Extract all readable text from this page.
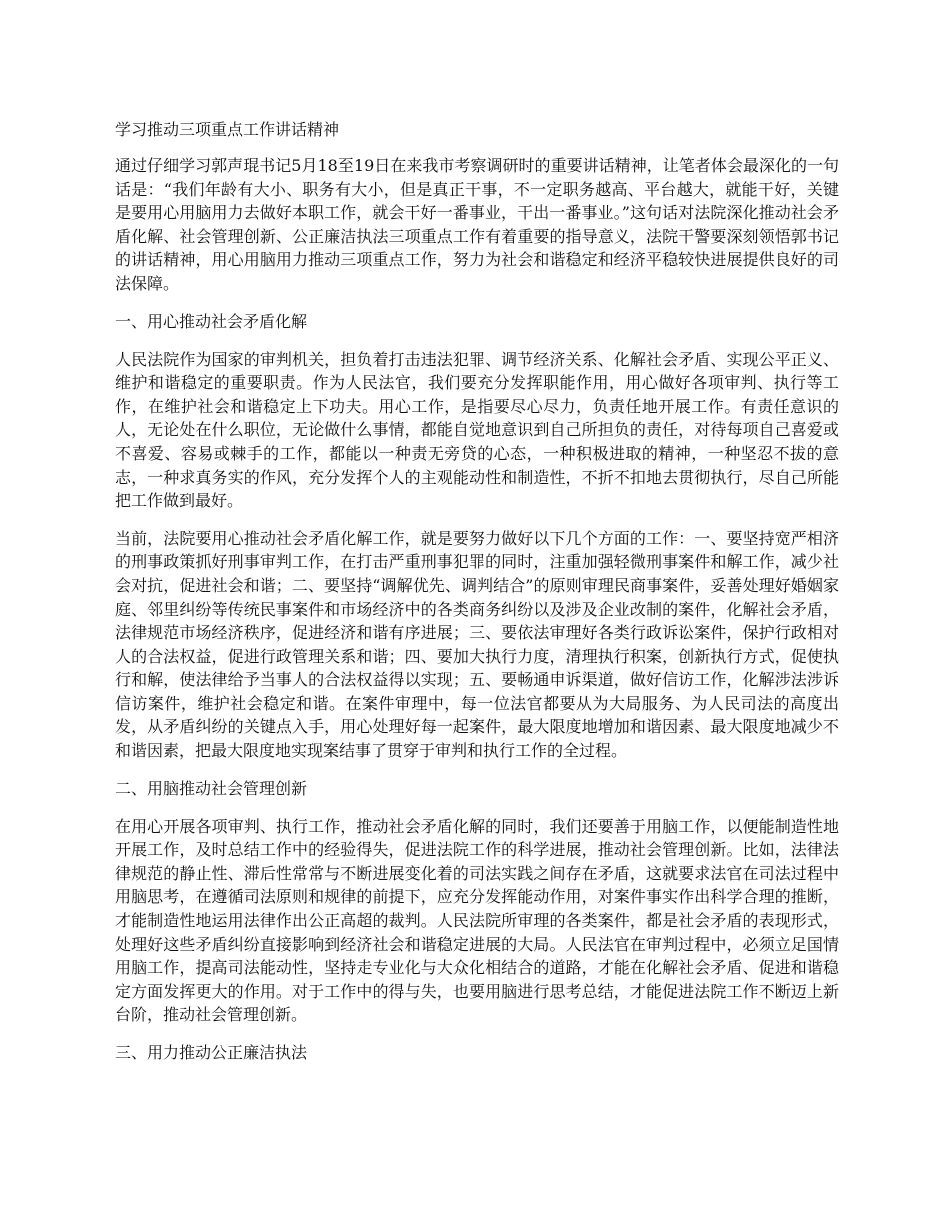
学习推动三项重点工作讲话精神

通过仔细学习郭声琨书记5月18至19日在来我市考察调研时的重要讲话精神，让笔者体会最深化的一句话是：“我们年龄有大小、职务有大小，但是真正干事，不一定职务越高、平台越大，就能干好，关键是要用心用脑用力去做好本职工作，就会干好一番事业，干出一番事业。”这句话对法院深化推动社会矛盾化解、社会管理创新、公正廉洁执法三项重点工作有着重要的指导意义，法院干警要深刻领悟郭书记的讲话精神，用心用脑用力推动三项重点工作，努力为社会和谐稳定和经济平稳较快进展提供良好的司法保障。

一、用心推动社会矛盾化解

人民法院作为国家的审判机关，担负着打击违法犯罪、调节经济关系、化解社会矛盾、实现公平正义、维护和谐稳定的重要职责。作为人民法官，我们要充分发挥职能作用，用心做好各项审判、执行等工作，在维护社会和谐稳定上下功夫。用心工作，是指要尽心尽力，负责任地开展工作。有责任意识的人，无论处在什么职位，无论做什么事情，都能自觉地意识到自己所担负的责任，对待每项自己喜爱或不喜爱、容易或棘手的工作，都能以一种责无旁贷的心态，一种积极进取的精神，一种坚忍不拔的意志，一种求真务实的作风，充分发挥个人的主观能动性和制造性，不折不扣地去贯彻执行，尽自己所能把工作做到最好。

当前，法院要用心推动社会矛盾化解工作，就是要努力做好以下几个方面的工作：一、要坚持宽严相济的刑事政策抓好刑事审判工作，在打击严重刑事犯罪的同时，注重加强轻微刑事案件和解工作，减少社会对抗，促进社会和谐；二、要坚持“调解优先、调判结合”的原则审理民商事案件，妥善处理好婚姻家庭、邻里纠纷等传统民事案件和市场经济中的各类商务纠纷以及涉及企业改制的案件，化解社会矛盾，法律规范市场经济秩序，促进经济和谐有序进展；三、要依法审理好各类行政诉讼案件，保护行政相对人的合法权益，促进行政管理关系和谐；四、要加大执行力度，清理执行积案，创新执行方式，促使执行和解，使法律给予当事人的合法权益得以实现；五、要畅通申诉渠道，做好信访工作，化解涉法涉诉信访案件，维护社会稳定和谐。在案件审理中，每一位法官都要从为大局服务、为人民司法的高度出发，从矛盾纠纷的关键点入手，用心处理好每一起案件，最大限度地增加和谐因素、最大限度地减少不和谐因素，把最大限度地实现案结事了贯穿于审判和执行工作的全过程。

二、用脑推动社会管理创新

在用心开展各项审判、执行工作，推动社会矛盾化解的同时，我们还要善于用脑工作，以便能制造性地开展工作，及时总结工作中的经验得失，促进法院工作的科学进展，推动社会管理创新。比如，法律法律规范的静止性、滞后性常常与不断进展变化着的司法实践之间存在矛盾，这就要求法官在司法过程中用脑思考，在遵循司法原则和规律的前提下，应充分发挥能动作用，对案件事实作出科学合理的推断，才能制造性地运用法律作出公正高超的裁判。人民法院所审理的各类案件，都是社会矛盾的表现形式，处理好这些矛盾纠纷直接影响到经济社会和谐稳定进展的大局。人民法官在审判过程中，必须立足国情用脑工作，提高司法能动性，坚持走专业化与大众化相结合的道路，才能在化解社会矛盾、促进和谐稳定方面发挥更大的作用。对于工作中的得与失，也要用脑进行思考总结，才能促进法院工作不断迈上新台阶，推动社会管理创新。

三、用力推动公正廉洁执法
